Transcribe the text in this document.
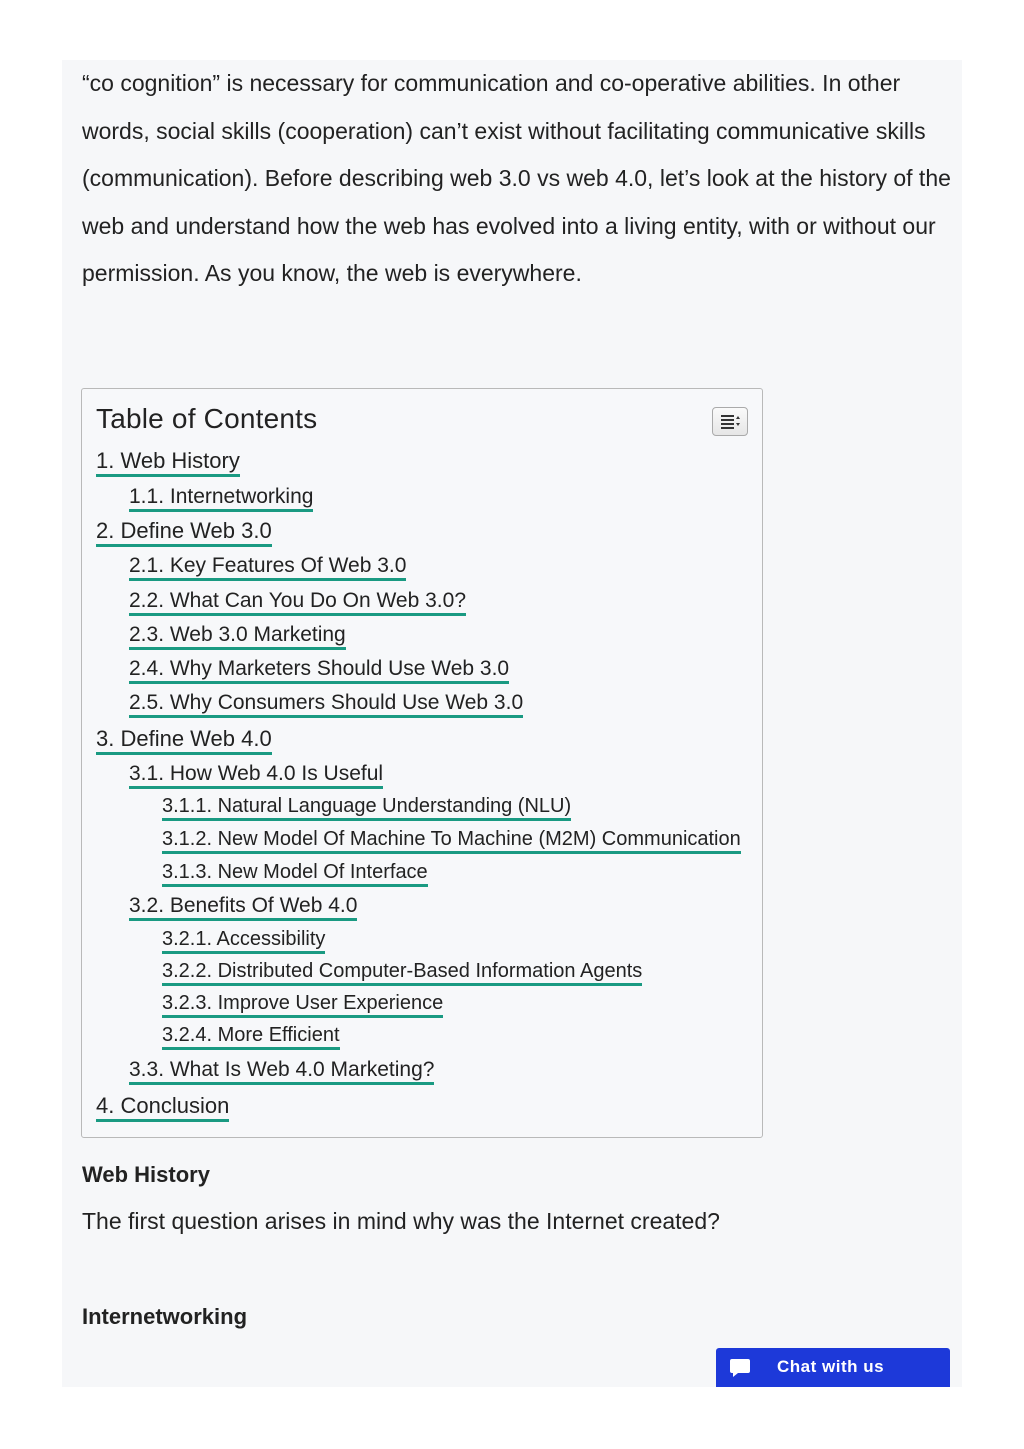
“co cognition” is necessary for communication and co-operative abilities. In other words, social skills (cooperation) can’t exist without facilitating communicative skills (communication). Before describing web 3.0 vs web 4.0, let’s look at the history of the web and understand how the web has evolved into a living entity, with or without our permission. As you know, the web is everywhere.

Table of Contents
1. Web History
1.1. Internetworking
2. Define Web 3.0
2.1. Key Features Of Web 3.0
2.2. What Can You Do On Web 3.0?
2.3. Web 3.0 Marketing
2.4. Why Marketers Should Use Web 3.0
2.5. Why Consumers Should Use Web 3.0
3. Define Web 4.0
3.1. How Web 4.0 Is Useful
3.1.1. Natural Language Understanding (NLU)
3.1.2. New Model Of Machine To Machine (M2M) Communication
3.1.3. New Model Of Interface
3.2. Benefits Of Web 4.0
3.2.1. Accessibility
3.2.2. Distributed Computer-Based Information Agents
3.2.3. Improve User Experience
3.2.4. More Efficient
3.3. What Is Web 4.0 Marketing?
4. Conclusion
Web History

The first question arises in mind why was the Internet created?

Internetworking
Chat with us
